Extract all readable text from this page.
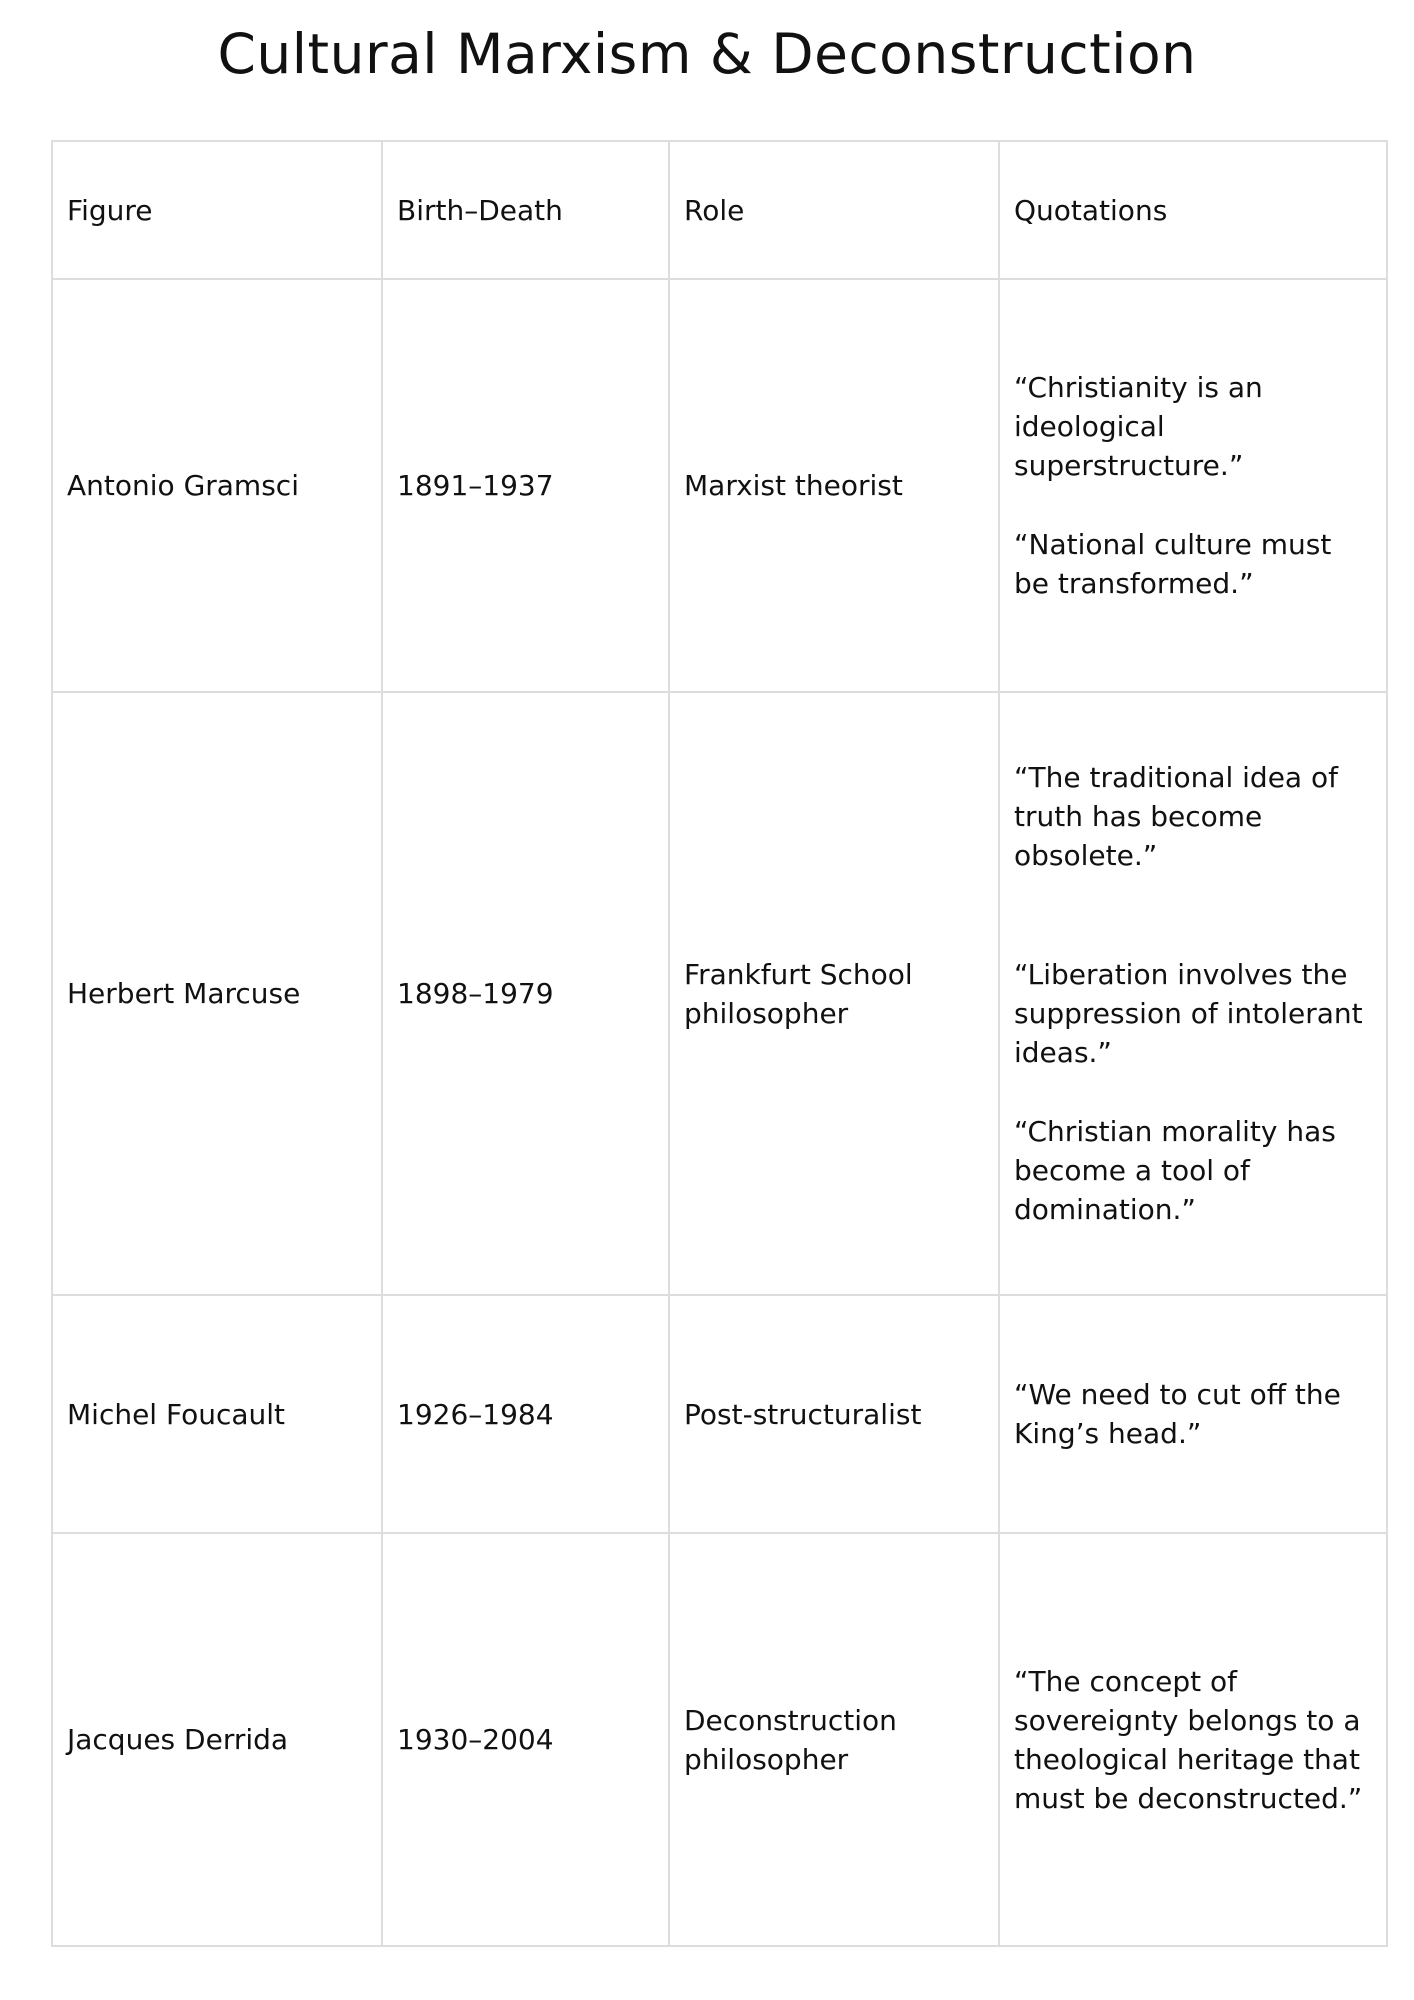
Cultural Marxism & Deconstruction
Figure	Birth–Death	Role	Quotations
Antonio Gramsci	1891–1937	Marxist theorist	“Christianity is an ideological superstructure.”
“National culture must be transformed.”

Herbert Marcuse	1898–1979	Frankfurt School philosopher	“The traditional idea of truth has become obsolete.”
“Liberation involves the suppression of intolerant ideas.”
“Christian morality has become a tool of domination.”

Michel Foucault	1926–1984	Post-structuralist	“We need to cut off the King’s head.”

Jacques Derrida	1930–2004	Deconstruction philosopher	“The concept of sovereignty belongs to a theological heritage that must be deconstructed.”
